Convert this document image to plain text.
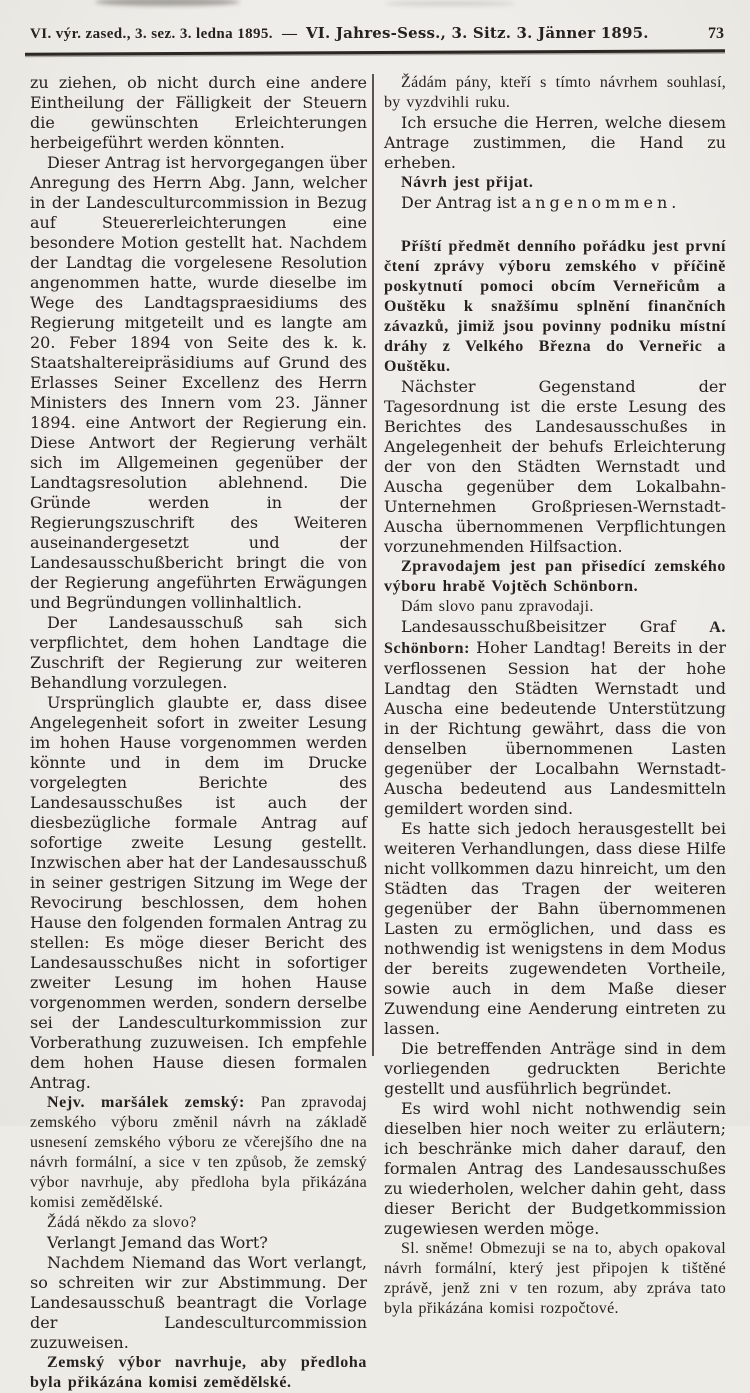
VI. výr. zased., 3. sez. 3. ledna 1895. — VI. Jahres-Sess., 3. Sitz. 3. Jänner 1895.	73

zu ziehen, ob nicht durch eine andere Eintheilung der Fälligkeit der Steuern die gewünschten Erleichterungen herbeigeführt werden könnten.

Dieser Antrag ist hervorgegangen über Anregung des Herrn Abg. Jann, welcher in der Landesculturcommission in Bezug auf Steuererleichterungen eine besondere Motion gestellt hat. Nachdem der Landtag die vorgelesene Resolution angenommen hatte, wurde dieselbe im Wege des Landtagspraesidiums des Regierung mitgeteilt und es langte am 20. Feber 1894 von Seite des k. k. Staatshaltereipräsidiums auf Grund des Erlasses Seiner Excellenz des Herrn Ministers des Innern vom 23. Jänner 1894. eine Antwort der Regierung ein. Diese Antwort der Regierung verhält sich im Allgemeinen gegenüber der Landtagsresolution ablehnend. Die Gründe werden in der Regierungszuschrift des Weiteren auseinandergesetzt und der Landesausschußbericht bringt die von der Regierung angeführten Erwägungen und Begründungen vollinhaltlich.

Der Landesausschuß sah sich verpflichtet, dem hohen Landtage die Zuschrift der Regierung zur weiteren Behandlung vorzulegen.

Ursprünglich glaubte er, dass disee Angelegenheit sofort in zweiter Lesung im hohen Hause vorgenommen werden könnte und in dem im Drucke vorgelegten Berichte des Landesausschußes ist auch der diesbezügliche formale Antrag auf sofortige zweite Lesung gestellt. Inzwischen aber hat der Landesausschuß in seiner gestrigen Sitzung im Wege der Revocirung beschlossen, dem hohen Hause den folgenden formalen Antrag zu stellen: Es möge dieser Bericht des Landesausschußes nicht in sofortiger zweiter Lesung im hohen Hause vorgenommen werden, sondern derselbe sei der Landesculturkommission zur Vorberathung zuzuweisen. Ich empfehle dem hohen Hause diesen formalen Antrag.

Nejv. maršálek zemský: Pan zpravodaj zemského výboru změnil návrh na základě usnesení zemského výboru ze včerejšího dne na návrh formální, a sice v ten způsob, že zemský výbor navrhuje, aby předloha byla přikázána komisi zemědělské.

Žádá někdo za slovo?

Verlangt Jemand das Wort?

Nachdem Niemand das Wort verlangt, so schreiten wir zur Abstimmung. Der Landesausschuß beantragt die Vorlage der Landesculturcommission zuzuweisen.

Zemský výbor navrhuje, aby předloha byla přikázána komisi zemědělské.

Žádám pány, kteří s tímto návrhem souhlasí, by vyzdvihli ruku.

Ich ersuche die Herren, welche diesem Antrage zustimmen, die Hand zu erheben.

Návrh jest přijat.

Der Antrag ist angenommen.

Příští předmět denního pořádku jest první čtení zprávy výboru zemského v příčině poskytnutí pomoci obcím Verneřicům a Ouštěku k snažšímu splnění finančních závazků, jimiž jsou povinny podniku místní dráhy z Velkého Března do Verneřic a Ouštěku.

Nächster Gegenstand der Tagesordnung ist die erste Lesung des Berichtes des Landesausschußes in Angelegenheit der behufs Erleichterung der von den Städten Wernstadt und Auscha gegenüber dem Lokalbahn-Unternehmen Großpriesen-Wernstadt-Auscha übernommenen Verpflichtungen vorzunehmenden Hilfsaction.

Zpravodajem jest pan přisedící zemského výboru hrabě Vojtěch Schönborn.

Dám slovo panu zpravodaji.

Landesausschußbeisitzer Graf A. Schönborn: Hoher Landtag! Bereits in der verflossenen Session hat der hohe Landtag den Städten Wernstadt und Auscha eine bedeutende Unterstützung in der Richtung gewährt, dass die von denselben übernommenen Lasten gegenüber der Localbahn Wernstadt-Auscha bedeutend aus Landesmitteln gemildert worden sind.

Es hatte sich jedoch herausgestellt bei weiteren Verhandlungen, dass diese Hilfe nicht vollkommen dazu hinreicht, um den Städten das Tragen der weiteren gegenüber der Bahn übernommenen Lasten zu ermöglichen, und dass es nothwendig ist wenigstens in dem Modus der bereits zugewendeten Vortheile, sowie auch in dem Maße dieser Zuwendung eine Aenderung eintreten zu lassen.

Die betreffenden Anträge sind in dem vorliegenden gedruckten Berichte gestellt und ausführlich begründet.

Es wird wohl nicht nothwendig sein dieselben hier noch weiter zu erläutern; ich beschränke mich daher darauf, den formalen Antrag des Landesausschußes zu wiederholen, welcher dahin geht, dass dieser Bericht der Budgetkommission zugewiesen werden möge.

Sl. sněme! Obmezuji se na to, abych opakoval návrh formální, který jest připojen k tištěné zprávě, jenž zni v ten rozum, aby zpráva tato byla přikázána komisi rozpočtové.
